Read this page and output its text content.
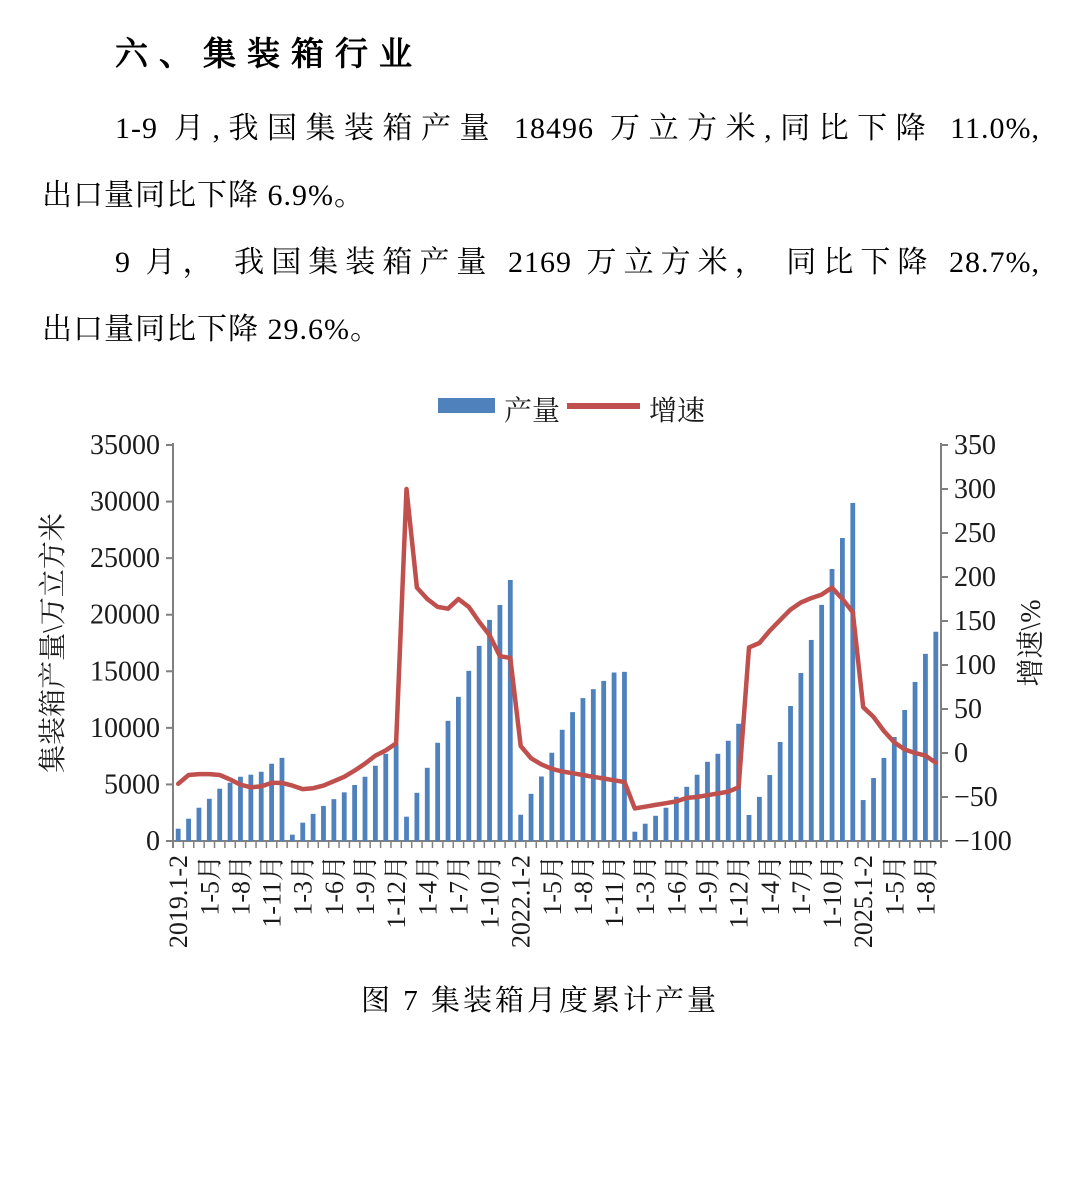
六、集装箱行业
1-9 月,我国集装箱产量 18496 万立方米,同比下降 11.0%,
出口量同比下降 6.9%。
9 月， 我国集装箱产量 2169 万立方米， 同比下降 28.7%,
出口量同比下降 29.6%。
0
5000
10000
15000
20000
25000
30000
35000
−100
−50
0
50
100
150
200
250
300
350
2019.1-2 1-5月 1-8月 1-11月 1-3月 1-6月 1-9月 1-12月 1-4月 1-7月 1-10月 2022.1-2 1-5月 1-8月 1-11月 1-3月 1-6月 1-9月 1-12月 1-4月 1-7月 1-10月 2025.1-2 1-5月 1-8月
集装箱产量\万立方米	增速\%
产量	增速
图 7 集装箱月度累计产量
